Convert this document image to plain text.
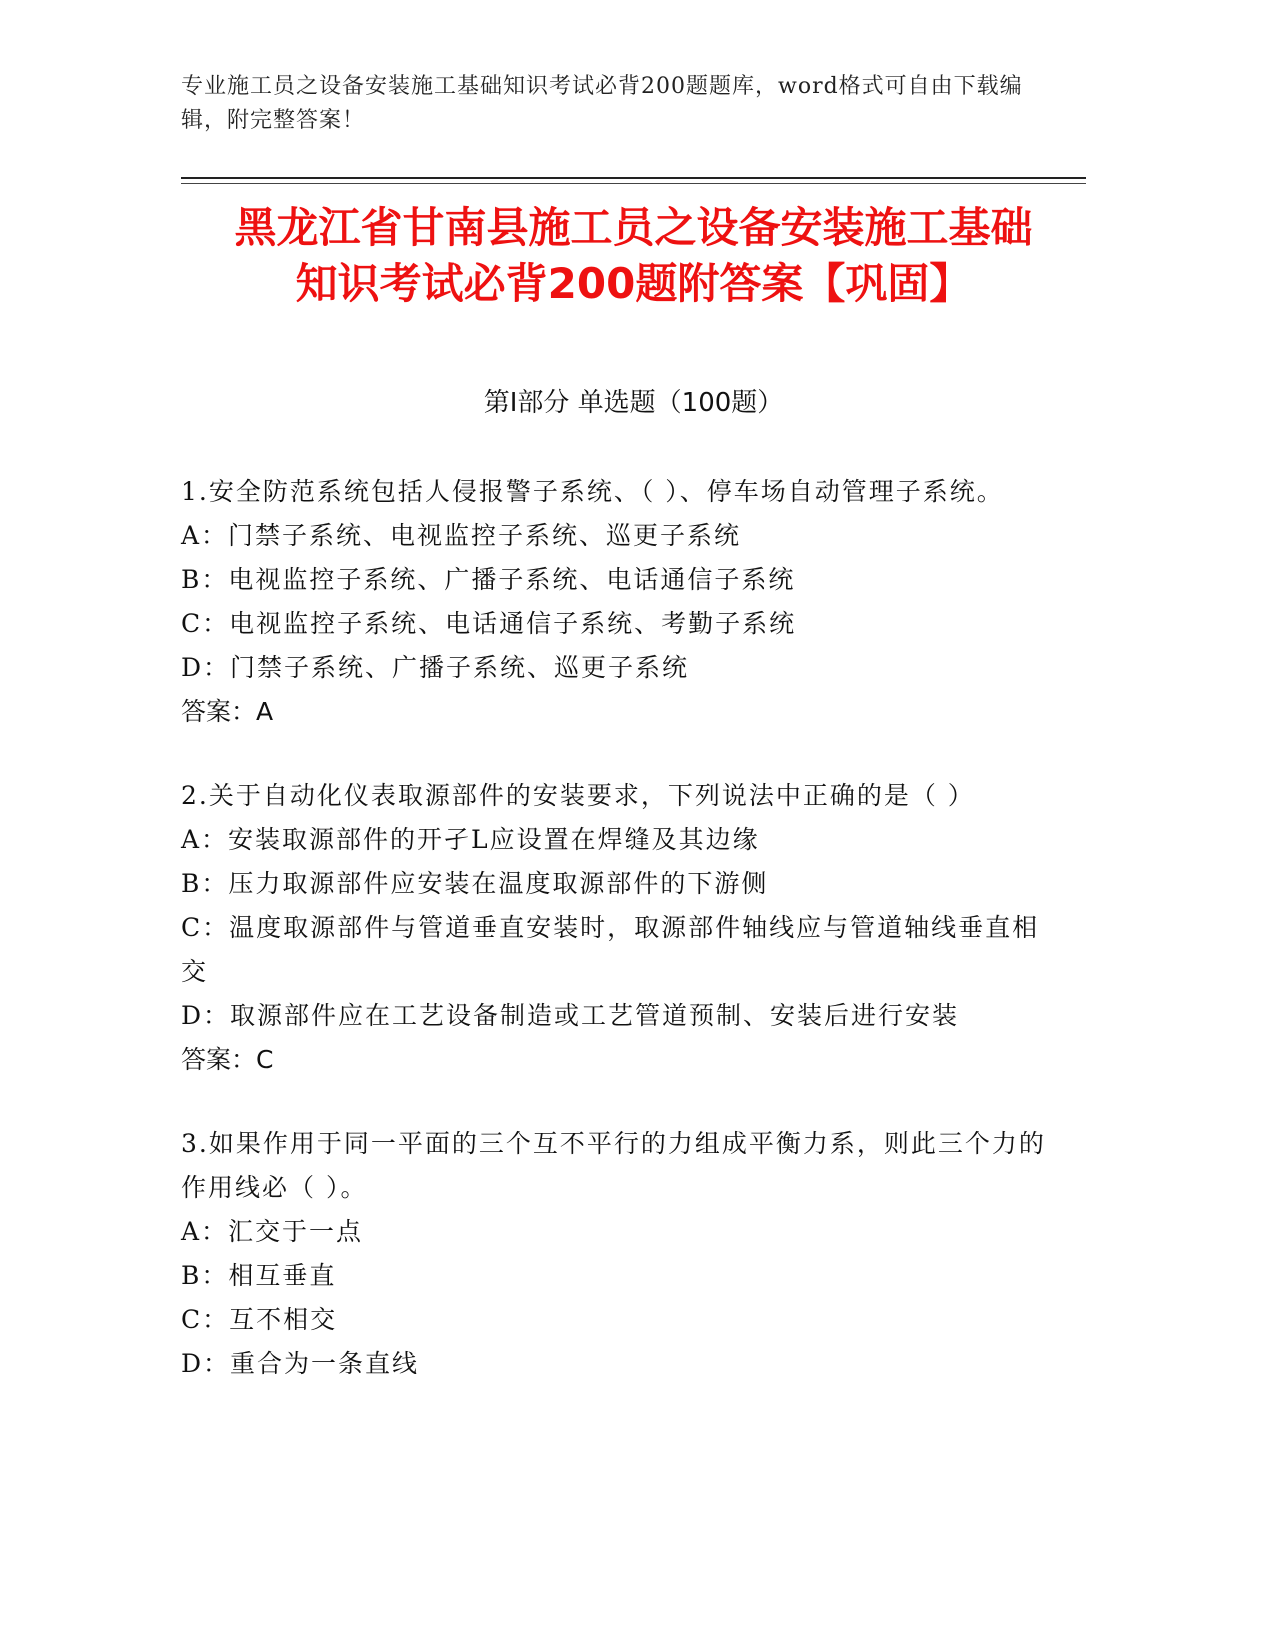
专业施工员之设备安装施工基础知识考试必背200题题库，word格式可自由下载编辑，附完整答案！
黑龙江省甘南县施工员之设备安装施工基础
知识考试必背200题附答案【巩固】
第Ⅰ部分 单选题（100题）
1.安全防范系统包括人侵报警子系统、（ ）、停车场自动管理子系统。
A：门禁子系统、电视监控子系统、巡更子系统
B：电视监控子系统、广播子系统、电话通信子系统
C：电视监控子系统、电话通信子系统、考勤子系统
D：门禁子系统、广播子系统、巡更子系统
答案：A
2.关于自动化仪表取源部件的安装要求，下列说法中正确的是（ ）
A：安装取源部件的开孑L应设置在焊缝及其边缘
B：压力取源部件应安装在温度取源部件的下游侧
C：温度取源部件与管道垂直安装时，取源部件轴线应与管道轴线垂直相交
D：取源部件应在工艺设备制造或工艺管道预制、安装后进行安装
答案：C
3.如果作用于同一平面的三个互不平行的力组成平衡力系，则此三个力的作用线必（ ）。
A：汇交于一点
B：相互垂直
C：互不相交
D：重合为一条直线
